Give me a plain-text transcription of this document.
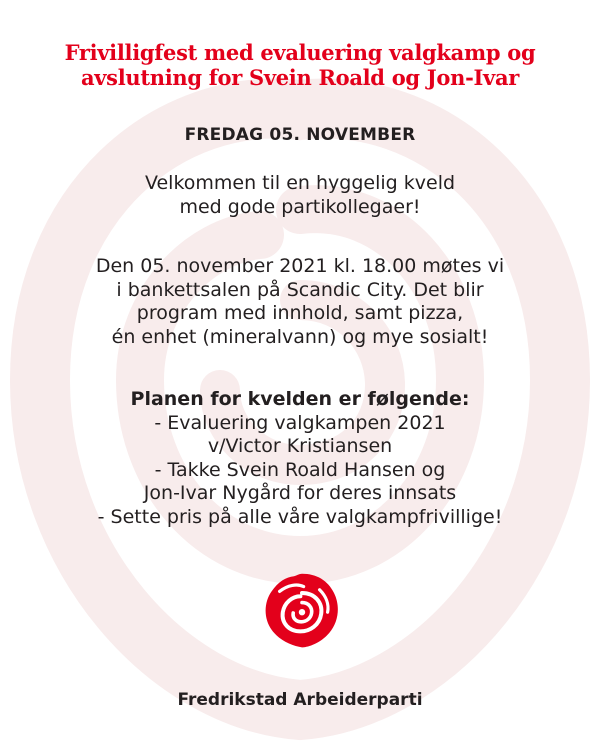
Frivilligfest med evaluering valgkamp og
avslutning for Svein Roald og Jon-Ivar
FREDAG 05. NOVEMBER
Velkommen til en hyggelig kveld
med gode partikollegaer!
Den 05. november 2021 kl. 18.00 møtes vi
i bankettsalen på Scandic City. Det blir
program med innhold, samt pizza,
én enhet (mineralvann) og mye sosialt!
Planen for kvelden er følgende:
- Evaluering valgkampen 2021
v/Victor Kristiansen
- Takke Svein Roald Hansen og
Jon-Ivar Nygård for deres innsats
- Sette pris på alle våre valgkampfrivillige!
Fredrikstad Arbeiderparti
